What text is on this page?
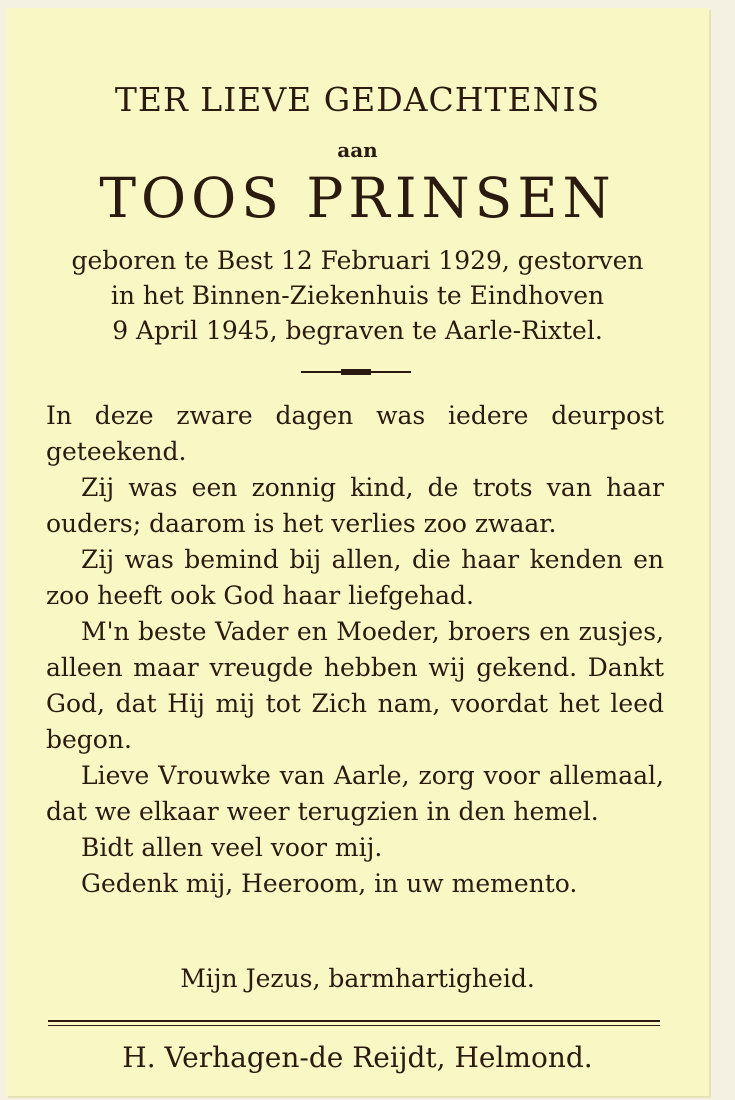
TER LIEVE GEDACHTENIS
aan
TOOS PRINSEN
geboren te Best 12 Februari 1929, gestorven
in het Binnen-Ziekenhuis te Eindhoven
9 April 1945, begraven te Aarle-Rixtel.

In deze zware dagen was iedere deurpost geteekend.

Zij was een zonnig kind, de trots van haar ouders; daarom is het verlies zoo zwaar.

Zij was bemind bij allen, die haar kenden en zoo heeft ook God haar liefgehad.

M'n beste Vader en Moeder, broers en zusjes, alleen maar vreugde hebben wij gekend. Dankt God, dat Hij mij tot Zich nam, voordat het leed begon.

Lieve Vrouwke van Aarle, zorg voor allemaal, dat we elkaar weer terugzien in den hemel.

Bidt allen veel voor mij.

Gedenk mij, Heeroom, in uw memento.

Mijn Jezus, barmhartigheid.
H. Verhagen-de Reijdt, Helmond.
